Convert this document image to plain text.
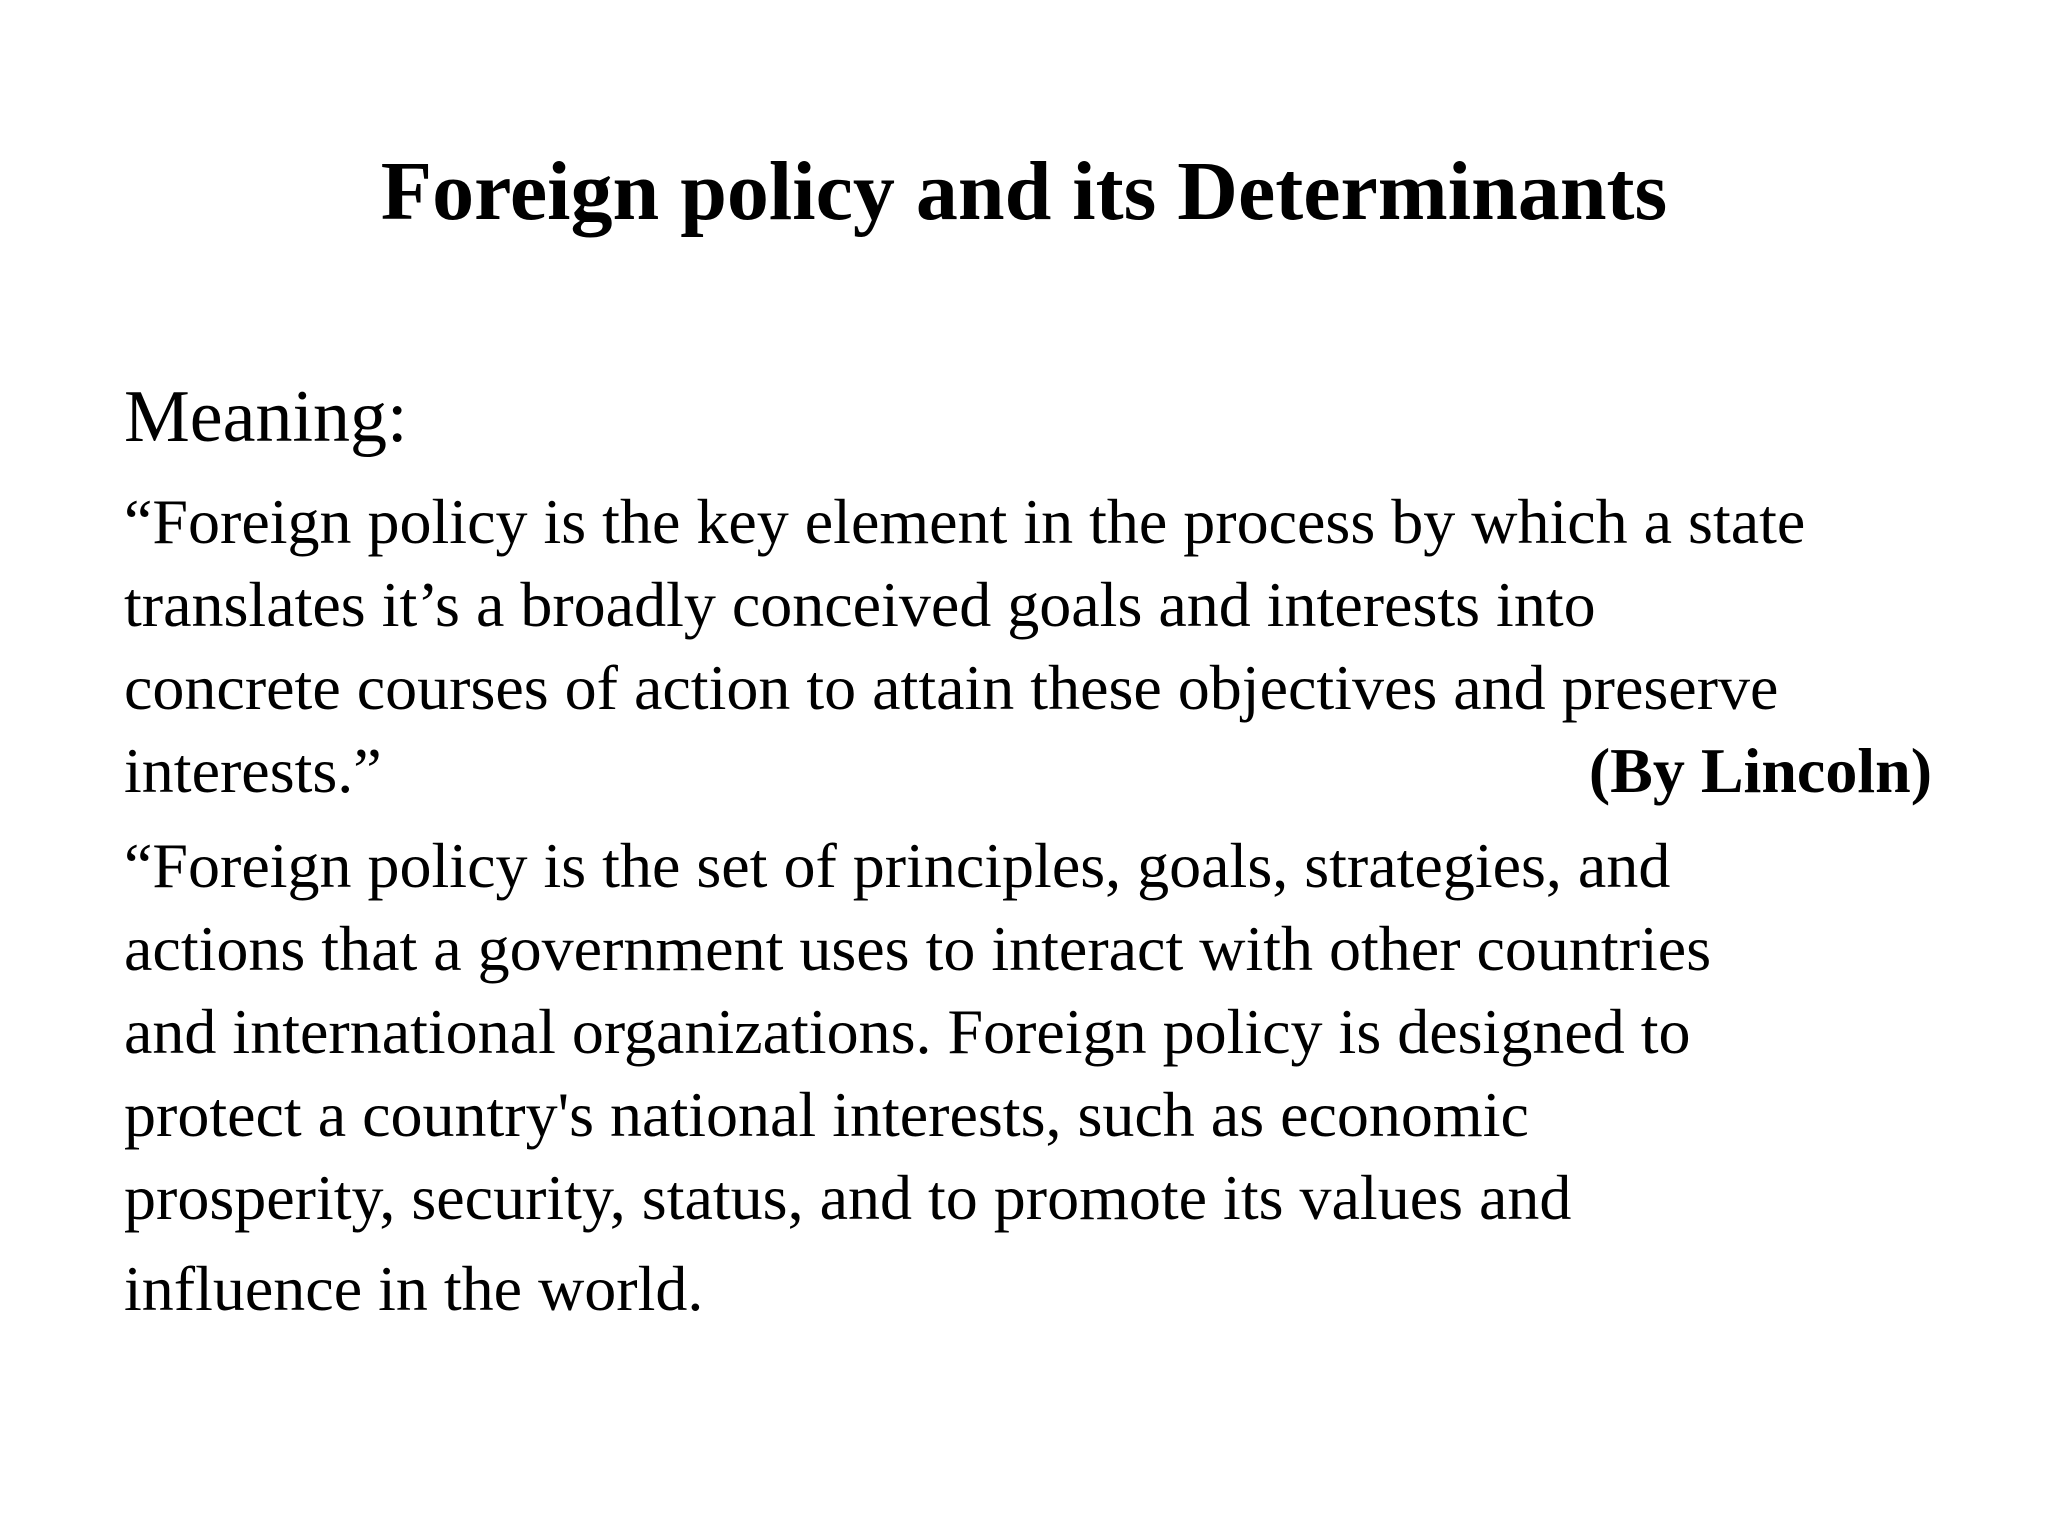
Foreign policy and its Determinants
Meaning:
“Foreign policy is the key element in the process by which a state
translates it’s a broadly conceived goals and interests into
concrete courses of action to attain these objectives and preserve
interests.”	(By Lincoln)
“Foreign policy is the set of principles, goals, strategies, and
actions that a government uses to interact with other countries
and international organizations. Foreign policy is designed to
protect a country's national interests, such as economic
prosperity, security, status, and to promote its values and
influence in the world.
